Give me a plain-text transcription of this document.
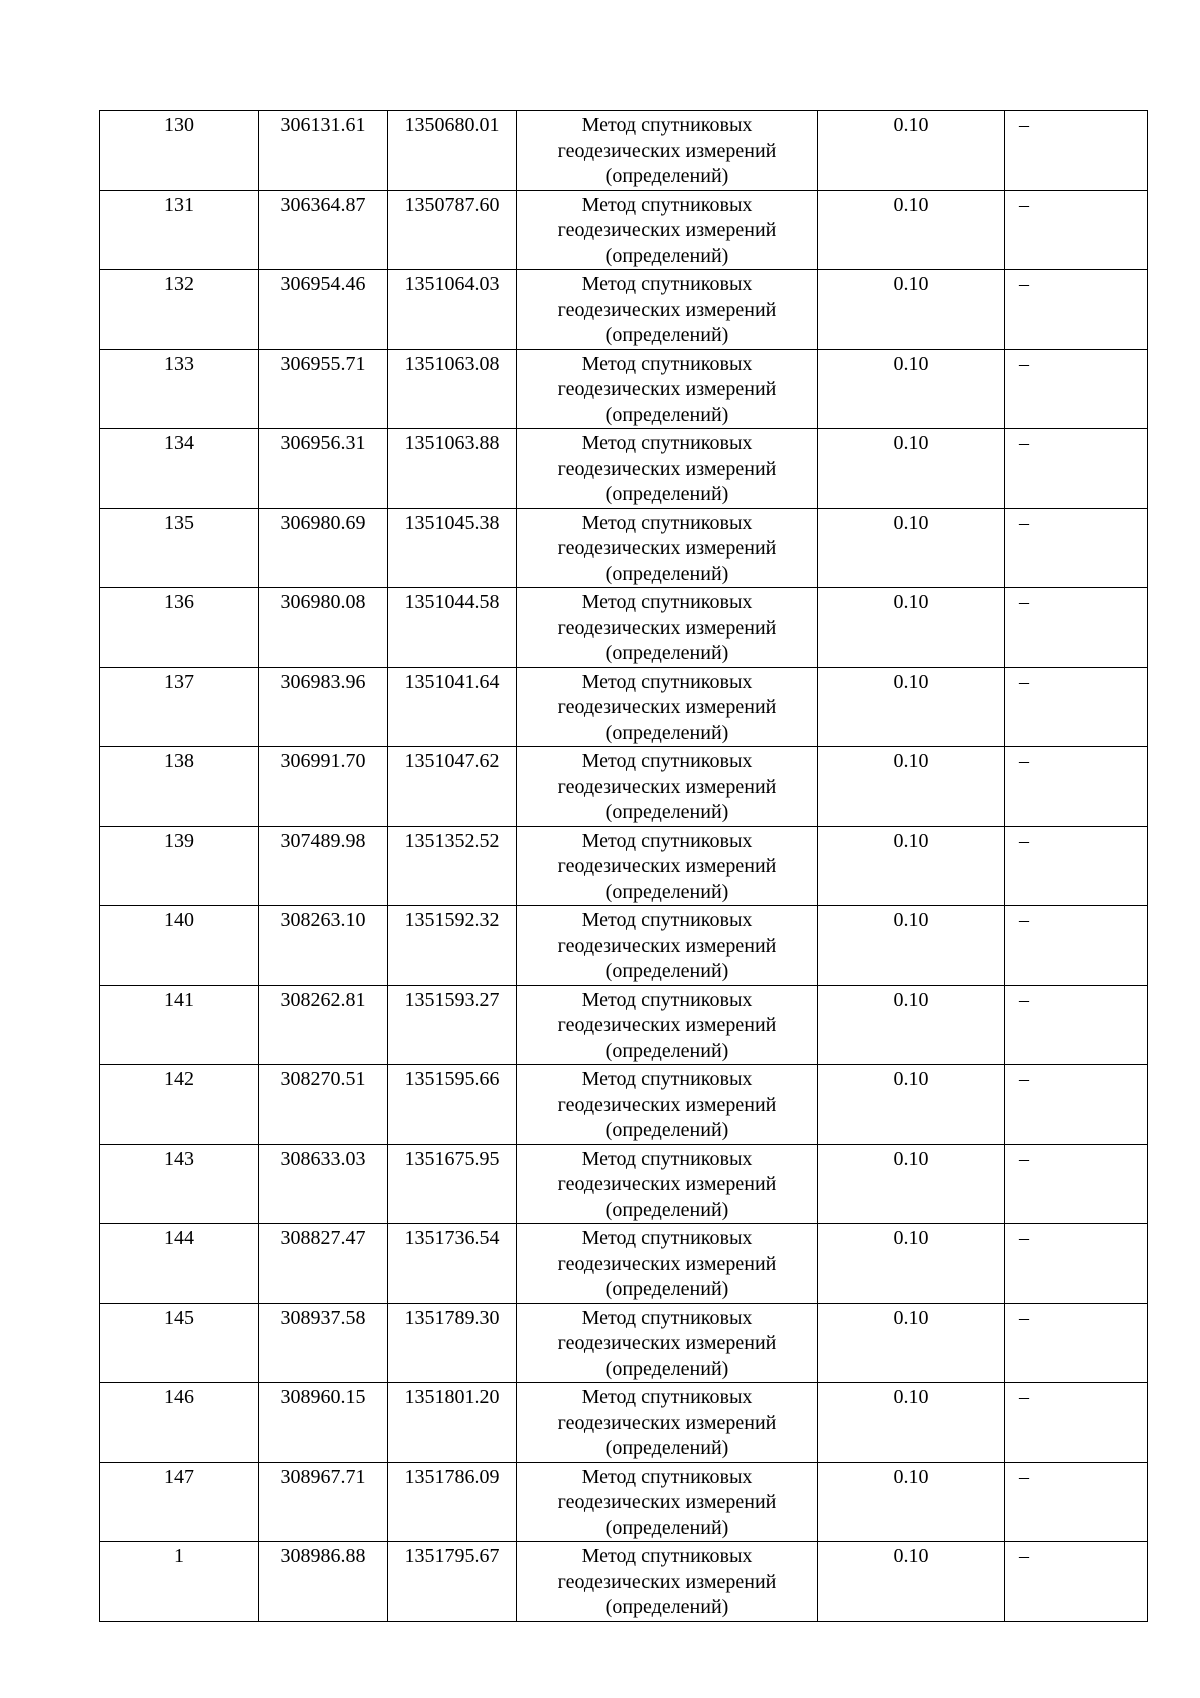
130	306131.61	1350680.01	Метод спутниковых
геодезических измерений
(определений)	0.10	–

131	306364.87	1350787.60	Метод спутниковых
геодезических измерений
(определений)	0.10	–

132	306954.46	1351064.03	Метод спутниковых
геодезических измерений
(определений)	0.10	–

133	306955.71	1351063.08	Метод спутниковых
геодезических измерений
(определений)	0.10	–

134	306956.31	1351063.88	Метод спутниковых
геодезических измерений
(определений)	0.10	–

135	306980.69	1351045.38	Метод спутниковых
геодезических измерений
(определений)	0.10	–

136	306980.08	1351044.58	Метод спутниковых
геодезических измерений
(определений)	0.10	–

137	306983.96	1351041.64	Метод спутниковых
геодезических измерений
(определений)	0.10	–

138	306991.70	1351047.62	Метод спутниковых
геодезических измерений
(определений)	0.10	–

139	307489.98	1351352.52	Метод спутниковых
геодезических измерений
(определений)	0.10	–

140	308263.10	1351592.32	Метод спутниковых
геодезических измерений
(определений)	0.10	–

141	308262.81	1351593.27	Метод спутниковых
геодезических измерений
(определений)	0.10	–

142	308270.51	1351595.66	Метод спутниковых
геодезических измерений
(определений)	0.10	–

143	308633.03	1351675.95	Метод спутниковых
геодезических измерений
(определений)	0.10	–

144	308827.47	1351736.54	Метод спутниковых
геодезических измерений
(определений)	0.10	–

145	308937.58	1351789.30	Метод спутниковых
геодезических измерений
(определений)	0.10	–

146	308960.15	1351801.20	Метод спутниковых
геодезических измерений
(определений)	0.10	–

147	308967.71	1351786.09	Метод спутниковых
геодезических измерений
(определений)	0.10	–

1	308986.88	1351795.67	Метод спутниковых
геодезических измерений
(определений)	0.10	–
